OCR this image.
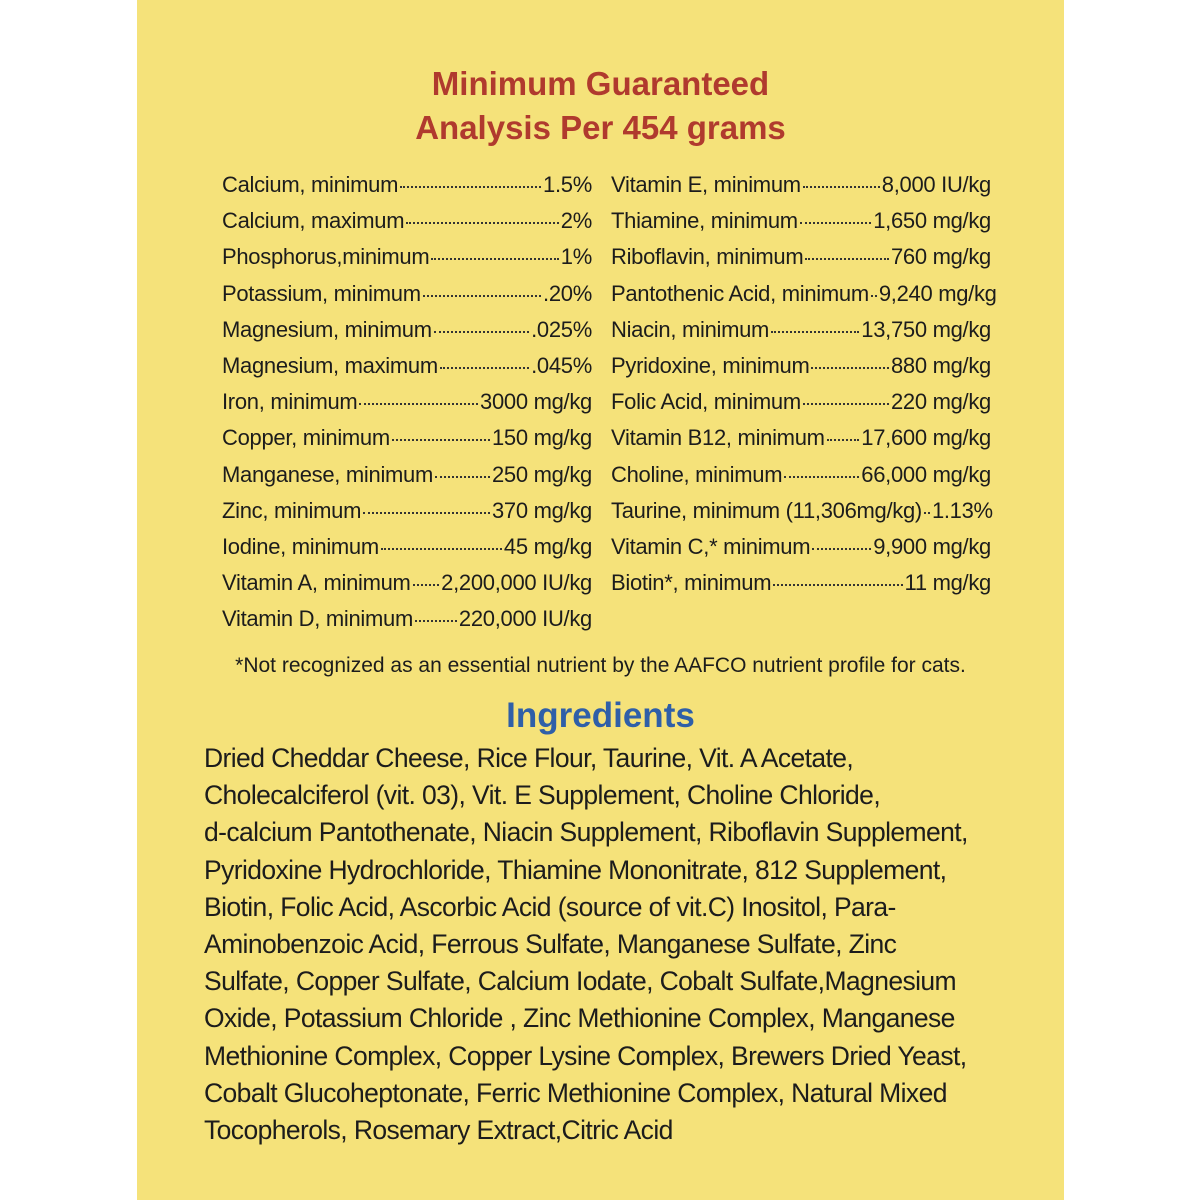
Minimum Guaranteed
Analysis Per 454 grams
Calcium, minimum	1.5%
Calcium, maximum	2%
Phosphorus,minimum	1%
Potassium, minimum	.20%
Magnesium, minimum	.025%
Magnesium, maximum	.045%
Iron, minimum	3000 mg/kg
Copper, minimum	150 mg/kg
Manganese, minimum	250 mg/kg
Zinc, minimum	370 mg/kg
Iodine, minimum	45 mg/kg
Vitamin A, minimum 2,200,000 IU/kg
Vitamin D, minimum 220,000 IU/kg
Vitamin E, minimum	8,000 IU/kg
Thiamine, minimum	1,650 mg/kg
Riboflavin, minimum	760 mg/kg
Pantothenic Acid, minimum 9,240 mg/kg
Niacin, minimum	13,750 mg/kg
Pyridoxine, minimum	880 mg/kg
Folic Acid, minimum	220 mg/kg
Vitamin B12, minimum 17,600 mg/kg
Choline, minimum	66,000 mg/kg
Taurine, minimum (11,306mg/kg) 1.13%
Vitamin C,* minimum	9,900 mg/kg
Biotin*, minimum	11 mg/kg
*Not recognized as an essential nutrient by the AAFCO nutrient profile for cats.
Ingredients
Dried Cheddar Cheese, Rice Flour, Taurine, Vit. A Acetate,
Cholecalciferol (vit. 03), Vit. E Supplement, Choline Chloride,
d-calcium Pantothenate, Niacin Supplement, Riboflavin Supplement,
Pyridoxine Hydrochloride, Thiamine Mononitrate, 812 Supplement,
Biotin, Folic Acid, Ascorbic Acid (source of vit.C) Inositol, Para-
Aminobenzoic Acid, Ferrous Sulfate, Manganese Sulfate, Zinc
Sulfate, Copper Sulfate, Calcium Iodate, Cobalt Sulfate,Magnesium
Oxide, Potassium Chloride , Zinc Methionine Complex, Manganese
Methionine Complex, Copper Lysine Complex, Brewers Dried Yeast,
Cobalt Glucoheptonate, Ferric Methionine Complex, Natural Mixed
Tocopherols, Rosemary Extract,Citric Acid
